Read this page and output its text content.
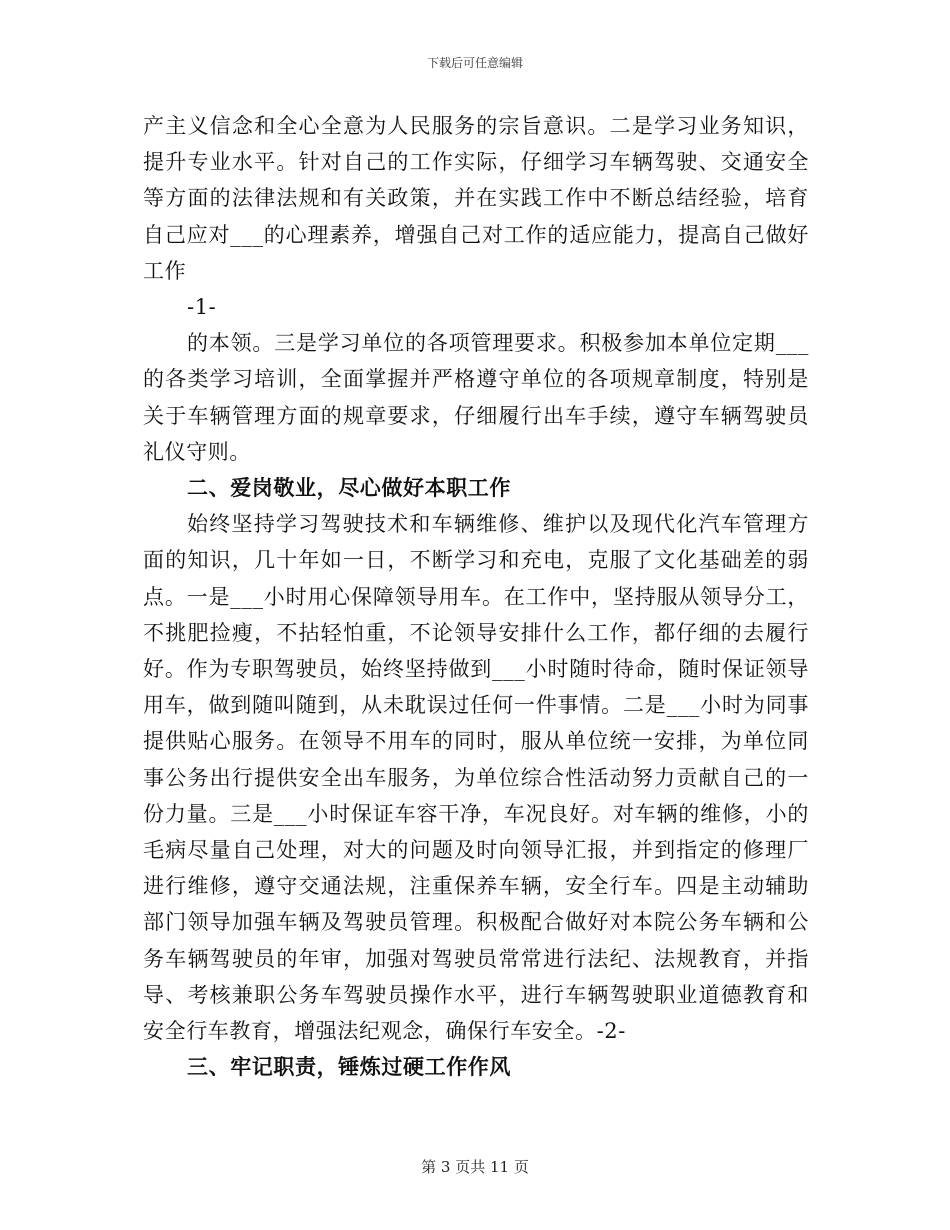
下载后可任意编辑

产主义信念和全心全意为人民服务的宗旨意识。二是学习业务知识，提升专业水平。针对自己的工作实际，仔细学习车辆驾驶、交通安全等方面的法律法规和有关政策，并在实践工作中不断总结经验，培育自己应对___的心理素养，增强自己对工作的适应能力，提高自己做好工作

-1-

的本领。三是学习单位的各项管理要求。积极参加本单位定期___的各类学习培训，全面掌握并严格遵守单位的各项规章制度，特别是关于车辆管理方面的规章要求，仔细履行出车手续，遵守车辆驾驶员礼仪守则。

二、爱岗敬业，尽心做好本职工作

始终坚持学习驾驶技术和车辆维修、维护以及现代化汽车管理方面的知识，几十年如一日，不断学习和充电，克服了文化基础差的弱点。一是___小时用心保障领导用车。在工作中，坚持服从领导分工，不挑肥捡瘦，不拈轻怕重，不论领导安排什么工作，都仔细的去履行好。作为专职驾驶员，始终坚持做到___小时随时待命，随时保证领导用车，做到随叫随到，从未耽误过任何一件事情。二是___小时为同事提供贴心服务。在领导不用车的同时，服从单位统一安排，为单位同事公务出行提供安全出车服务，为单位综合性活动努力贡献自己的一份力量。三是___小时保证车容干净，车况良好。对车辆的维修，小的毛病尽量自己处理，对大的问题及时向领导汇报，并到指定的修理厂进行维修，遵守交通法规，注重保养车辆，安全行车。四是主动辅助部门领导加强车辆及驾驶员管理。积极配合做好对本院公务车辆和公务车辆驾驶员的年审，加强对驾驶员常常进行法纪、法规教育，并指导、考核兼职公务车驾驶员操作水平，进行车辆驾驶职业道德教育和安全行车教育，增强法纪观念，确保行车安全。-2-

三、牢记职责，锤炼过硬工作作风

第 3 页共 11 页
